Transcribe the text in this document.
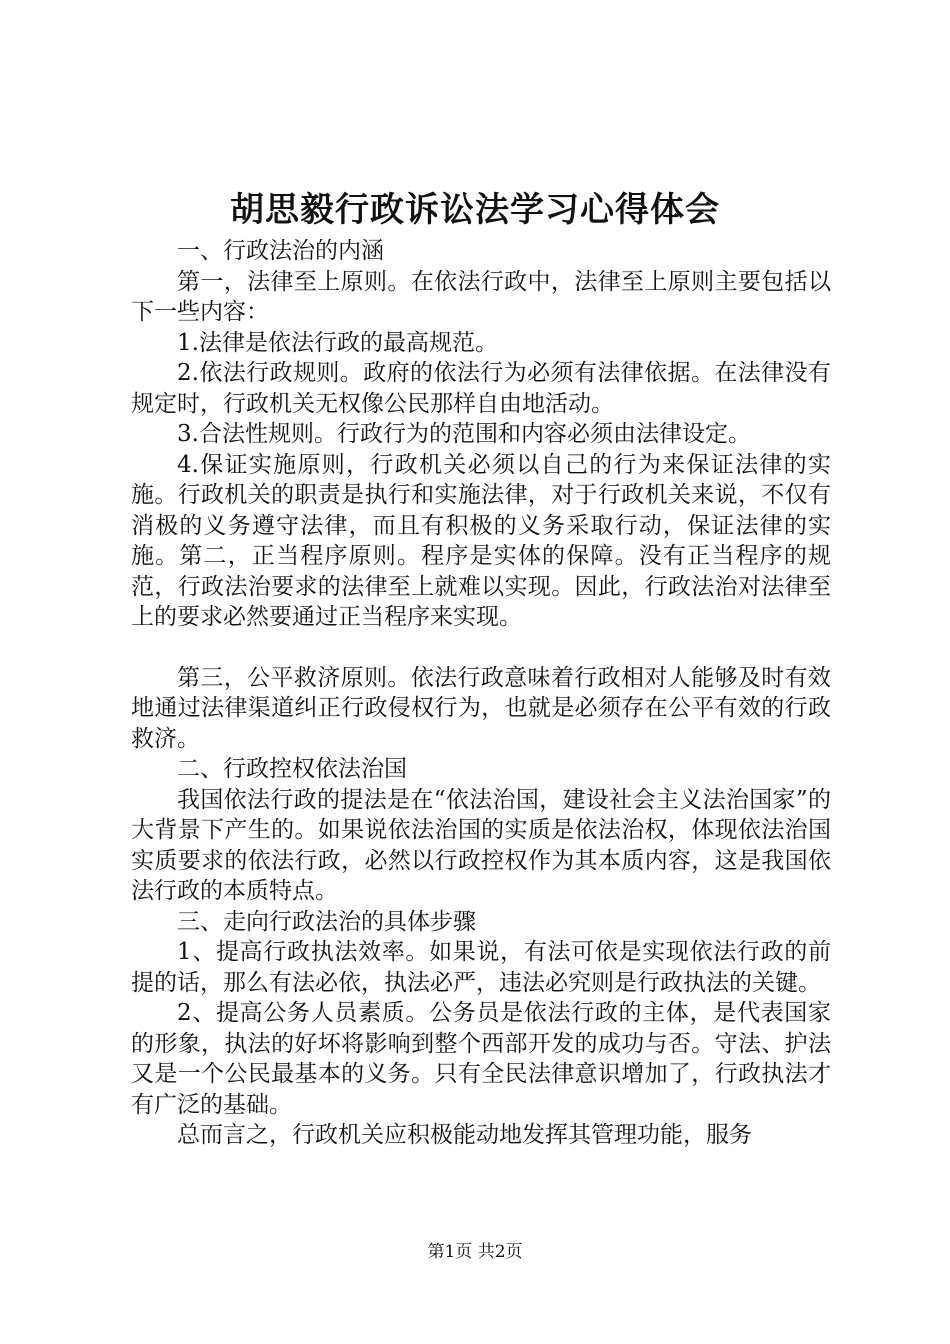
胡思毅行政诉讼法学习心得体会

一、行政法治的内涵

第一，法律至上原则。在依法行政中，法律至上原则主要包括以下一些内容：

1.法律是依法行政的最高规范。

2.依法行政规则。政府的依法行为必须有法律依据。在法律没有规定时，行政机关无权像公民那样自由地活动。

3.合法性规则。行政行为的范围和内容必须由法律设定。

4.保证实施原则，行政机关必须以自己的行为来保证法律的实施。行政机关的职责是执行和实施法律，对于行政机关来说，不仅有消极的义务遵守法律，而且有积极的义务采取行动，保证法律的实施。第二，正当程序原则。程序是实体的保障。没有正当程序的规范，行政法治要求的法律至上就难以实现。因此，行政法治对法律至上的要求必然要通过正当程序来实现。

第三，公平救济原则。依法行政意味着行政相对人能够及时有效地通过法律渠道纠正行政侵权行为，也就是必须存在公平有效的行政救济。

二、行政控权依法治国

我国依法行政的提法是在“依法治国，建设社会主义法治国家”的大背景下产生的。如果说依法治国的实质是依法治权，体现依法治国实质要求的依法行政，必然以行政控权作为其本质内容，这是我国依法行政的本质特点。

三、走向行政法治的具体步骤

1、提高行政执法效率。如果说，有法可依是实现依法行政的前提的话，那么有法必依，执法必严，违法必究则是行政执法的关键。

2、提高公务人员素质。公务员是依法行政的主体，是代表国家的形象，执法的好坏将影响到整个西部开发的成功与否。守法、护法又是一个公民最基本的义务。只有全民法律意识增加了，行政执法才有广泛的基础。

总而言之，行政机关应积极能动地发挥其管理功能，服务

第1页 共2页
